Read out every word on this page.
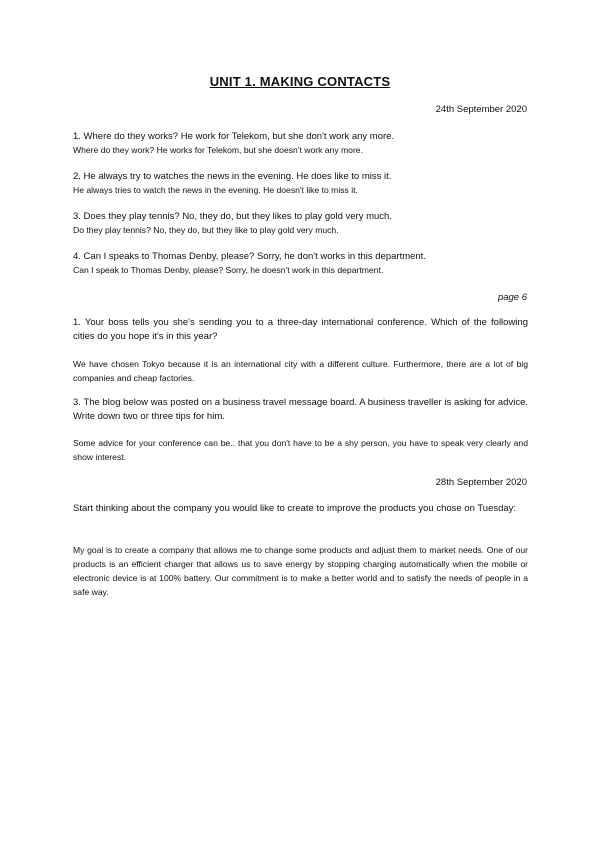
UNIT 1. MAKING CONTACTS
24th September 2020
1. Where do they works? He work for Telekom, but she don't work any more.
Where do they work? He works for Telekom, but she doesn't work any more.
2. He always try to watches the news in the evening. He does like to miss it.
He always tries to watch the news in the evening. He doesn't like to miss it.
3. Does they play tennis? No, they do, but they likes to play gold very much.
Do they play tennis? No, they do, but they like to play gold very much.
4. Can I speaks to Thomas Denby, please? Sorry, he don't works in this department.
Can I speak to Thomas Denby, please? Sorry, he doesn't work in this department.
page 6
1. Your boss tells you she's sending you to a three-day international conference. Which of the following cities do you hope it's in this year?
We have chosen Tokyo because it is an international city with a different culture. Furthermore, there are a lot of big companies and cheap factories.
3. The blog below was posted on a business travel message board. A business traveller is asking for advice. Write down two or three tips for him.
Some advice for your conference can be.. that you don't have to be a shy person, you have to speak very clearly and show interest.
28th September 2020
Start thinking about the company you would like to create to improve the products you chose on Tuesday:
My goal is to create a company that allows me to change some products and adjust them to market needs. One of our products is an efficient charger that allows us to save energy by stopping charging automatically when the mobile or electronic device is at 100% battery. Our commitment is to make a better world and to satisfy the needs of people in a safe way.
